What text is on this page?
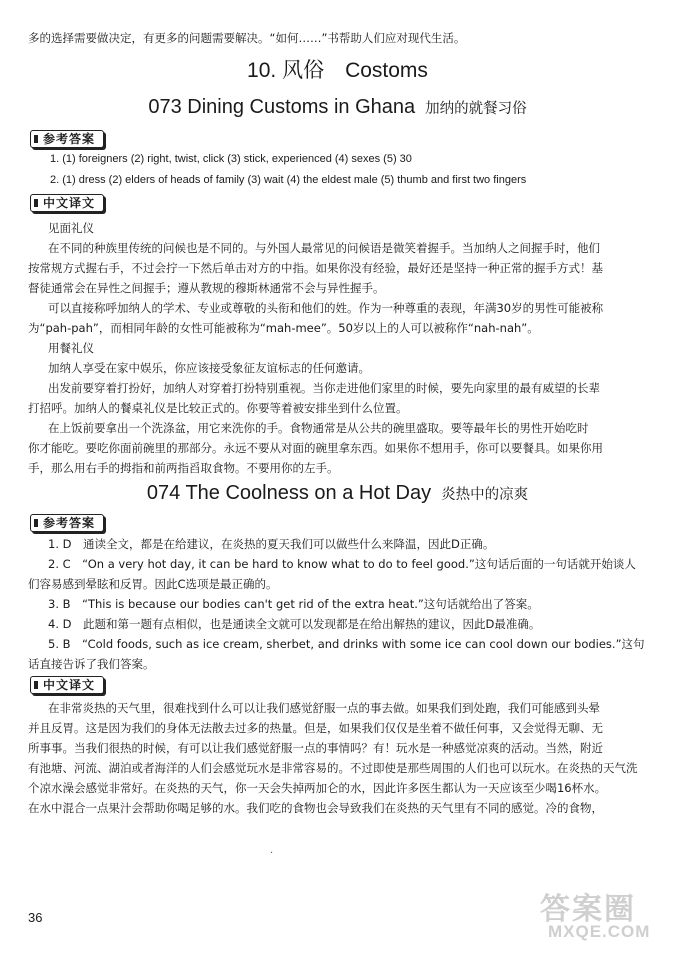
多的选择需要做决定，有更多的问题需要解决。“如何……”书帮助人们应对现代生活。
10. 风俗　Costoms
073 Dining Customs in Ghana 加纳的就餐习俗
参考答案
1. (1) foreigners (2) right, twist, click (3) stick, experienced (4) sexes (5) 30
2. (1) dress (2) elders of heads of family (3) wait (4) the eldest male (5) thumb and first two fingers
中文译文
见面礼仪
在不同的种族里传统的问候也是不同的。与外国人最常见的问候语是微笑着握手。当加纳人之间握手时，他们
按常规方式握右手，不过会拧一下然后单击对方的中指。如果你没有经验，最好还是坚持一种正常的握手方式！基
督徒通常会在异性之间握手；遵从教规的穆斯林通常不会与异性握手。
可以直接称呼加纳人的学术、专业或尊敬的头衔和他们的姓。作为一种尊重的表现，年满30岁的男性可能被称
为“pah-pah”，而相同年龄的女性可能被称为“mah-mee”。50岁以上的人可以被称作“nah-nah”。
用餐礼仪
加纳人享受在家中娱乐，你应该接受象征友谊标志的任何邀请。
出发前要穿着打扮好，加纳人对穿着打扮特别重视。当你走进他们家里的时候，要先向家里的最有威望的长辈
打招呼。加纳人的餐桌礼仪是比较正式的。你要等着被安排坐到什么位置。
在上饭前要拿出一个洗涤盆，用它来洗你的手。食物通常是从公共的碗里盛取。要等最年长的男性开始吃时
你才能吃。要吃你面前碗里的那部分。永远不要从对面的碗里拿东西。如果你不想用手，你可以要餐具。如果你用
手，那么用右手的拇指和前两指舀取食物。不要用你的左手。
074 The Coolness on a Hot Day 炎热中的凉爽
参考答案
1. D　通读全文，都是在给建议，在炎热的夏天我们可以做些什么来降温，因此D正确。
2. C　“On a very hot day, it can be hard to know what to do to feel good.”这句话后面的一句话就开始谈人
们容易感到晕眩和反胃。因此C选项是最正确的。
3. B　“This is because our bodies can't get rid of the extra heat.”这句话就给出了答案。
4. D　此题和第一题有点相似，也是通读全文就可以发现都是在给出解热的建议，因此D最准确。
5. B　“Cold foods, such as ice cream, sherbet, and drinks with some ice can cool down our bodies.”这句
话直接告诉了我们答案。
中文译文
在非常炎热的天气里，很难找到什么可以让我们感觉舒服一点的事去做。如果我们到处跑，我们可能感到头晕
并且反胃。这是因为我们的身体无法散去过多的热量。但是，如果我们仅仅是坐着不做任何事，又会觉得无聊、无
所事事。当我们很热的时候，有可以让我们感觉舒服一点的事情吗？有！玩水是一种感觉凉爽的活动。当然，附近
有池塘、河流、湖泊或者海洋的人们会感觉玩水是非常容易的。不过即使是那些周围的人们也可以玩水。在炎热的天气洗
个凉水澡会感觉非常好。在炎热的天气，你一天会失掉两加仑的水，因此许多医生都认为一天应该至少喝16杯水。
在水中混合一点果汁会帮助你喝足够的水。我们吃的食物也会导致我们在炎热的天气里有不同的感觉。冷的食物，
·
36	答案圈
MXQE.COM
